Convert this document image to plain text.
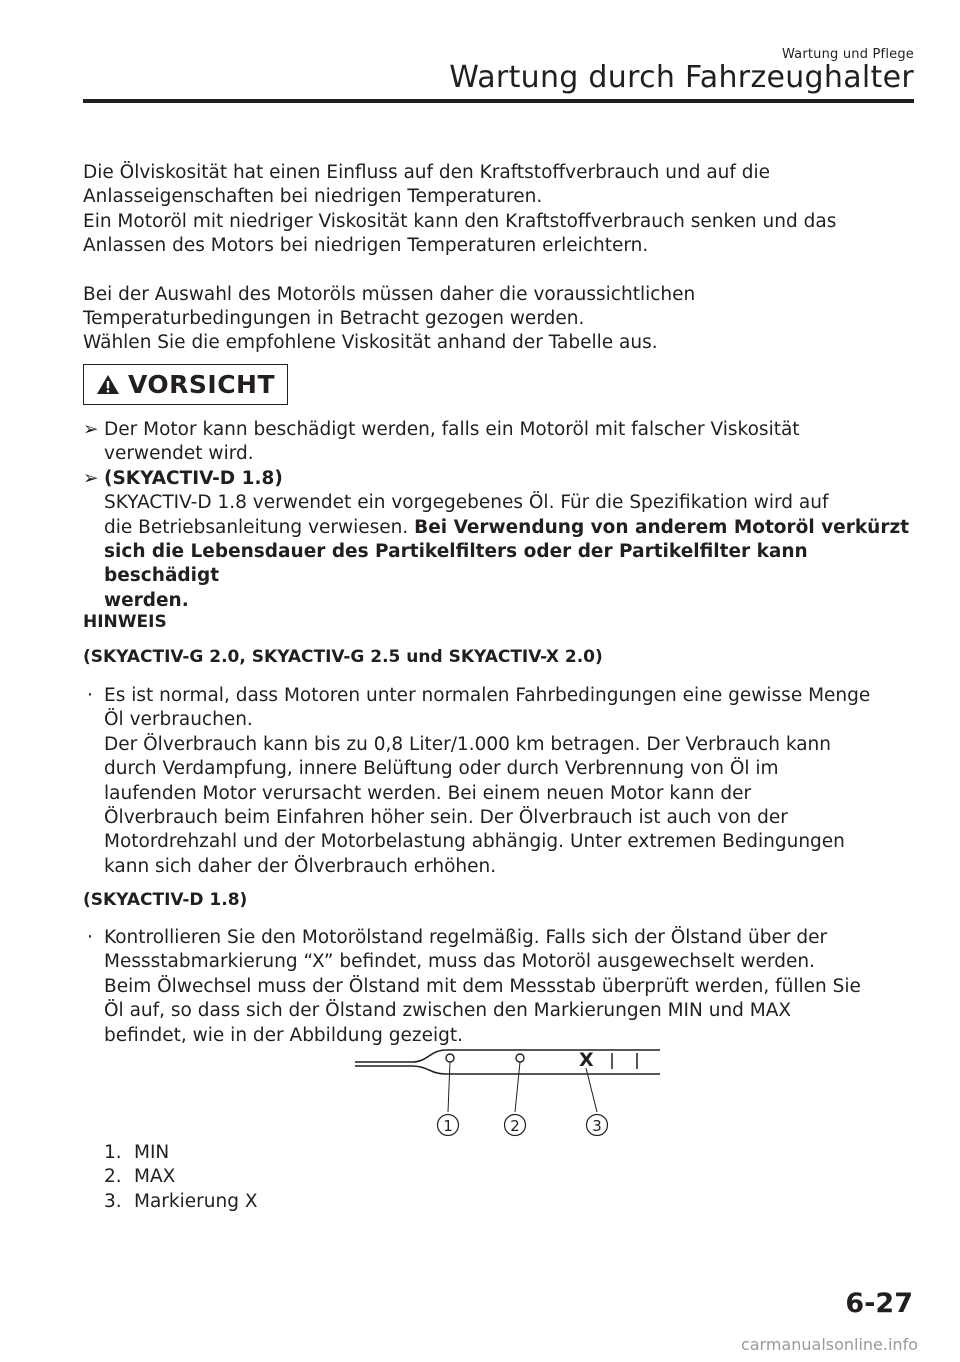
Wartung und Pflege
Wartung durch Fahrzeughalter
Die Ölviskosität hat einen Einfluss auf den Kraftstoffverbrauch und auf die
Anlasseigenschaften bei niedrigen Temperaturen.
Ein Motoröl mit niedriger Viskosität kann den Kraftstoffverbrauch senken und das
Anlassen des Motors bei niedrigen Temperaturen erleichtern.
Bei der Auswahl des Motoröls müssen daher die voraussichtlichen
Temperaturbedingungen in Betracht gezogen werden.
Wählen Sie die empfohlene Viskosität anhand der Tabelle aus.
VORSICHT
➢ Der Motor kann beschädigt werden, falls ein Motoröl mit falscher Viskosität
verwendet wird.
➢ (SKYACTIV-D 1.8)
SKYACTIV-D 1.8 verwendet ein vorgegebenes Öl. Für die Spezifikation wird auf
die Betriebsanleitung verwiesen. Bei Verwendung von anderem Motoröl verkürzt
sich die Lebensdauer des Partikelfilters oder der Partikelfilter kann beschädigt
werden.
HINWEIS
(SKYACTIV-G 2.0, SKYACTIV-G 2.5 und SKYACTIV-X 2.0)
· Es ist normal, dass Motoren unter normalen Fahrbedingungen eine gewisse Menge
Öl verbrauchen.
Der Ölverbrauch kann bis zu 0,8 Liter/1.000 km betragen. Der Verbrauch kann
durch Verdampfung, innere Belüftung oder durch Verbrennung von Öl im
laufenden Motor verursacht werden. Bei einem neuen Motor kann der
Ölverbrauch beim Einfahren höher sein. Der Ölverbrauch ist auch von der
Motordrehzahl und der Motorbelastung abhängig. Unter extremen Bedingungen
kann sich daher der Ölverbrauch erhöhen.
(SKYACTIV-D 1.8)
· Kontrollieren Sie den Motorölstand regelmäßig. Falls sich der Ölstand über der
Messstabmarkierung “X” befindet, muss das Motoröl ausgewechselt werden.
Beim Ölwechsel muss der Ölstand mit dem Messstab überprüft werden, füllen Sie
Öl auf, so dass sich der Ölstand zwischen den Markierungen MIN und MAX
befindet, wie in der Abbildung gezeigt.
X
1	2	3
1. MIN
2. MAX
3. Markierung X
6-27
carmanualsonline.info
